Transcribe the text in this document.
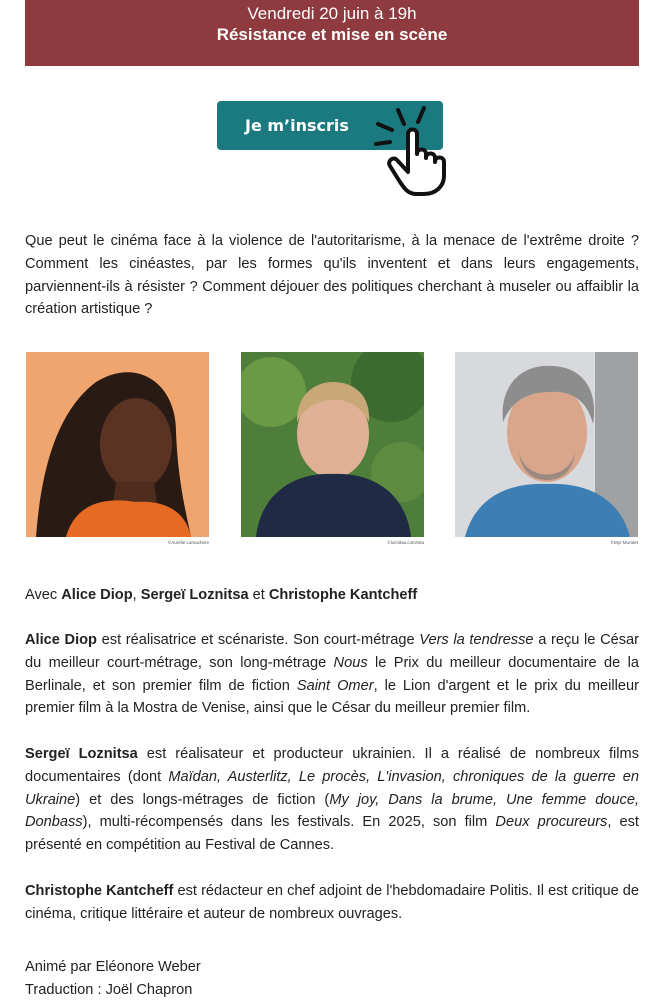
Vendredi 20 juin à 19h
Résistance et mise en scène
Je m’inscris

Que peut le cinéma face à la violence de l'autoritarisme, à la menace de l'extrême droite ? Comment les cinéastes, par les formes qu'ils inventent et dans leurs engagements, parviennent-ils à résister ? Comment déjouer des politiques cherchant à museler ou affaiblir la création artistique ?

©Aurélie Lamachère	©loznitsa.com/vita	©Myr Muratet

Avec Alice Diop, Sergeï Loznitsa et Christophe Kantcheff

Alice Diop est réalisatrice et scénariste. Son court-métrage Vers la tendresse a reçu le César du meilleur court-métrage, son long-métrage Nous le Prix du meilleur documentaire de la Berlinale, et son premier film de fiction Saint Omer, le Lion d'argent et le prix du meilleur premier film à la Mostra de Venise, ainsi que le César du meilleur premier film.

Sergeï Loznitsa est réalisateur et producteur ukrainien. Il a réalisé de nombreux films documentaires (dont Maïdan, Austerlitz, Le procès, L'invasion, chroniques de la guerre en Ukraine) et des longs-métrages de fiction (My joy, Dans la brume, Une femme douce, Donbass), multi-récompensés dans les festivals. En 2025, son film Deux procureurs, est présenté en compétition au Festival de Cannes.

Christophe Kantcheff est rédacteur en chef adjoint de l'hebdomadaire Politis. Il est critique de cinéma, critique littéraire et auteur de nombreux ouvrages.

Animé par Eléonore Weber
Traduction : Joël Chapron
